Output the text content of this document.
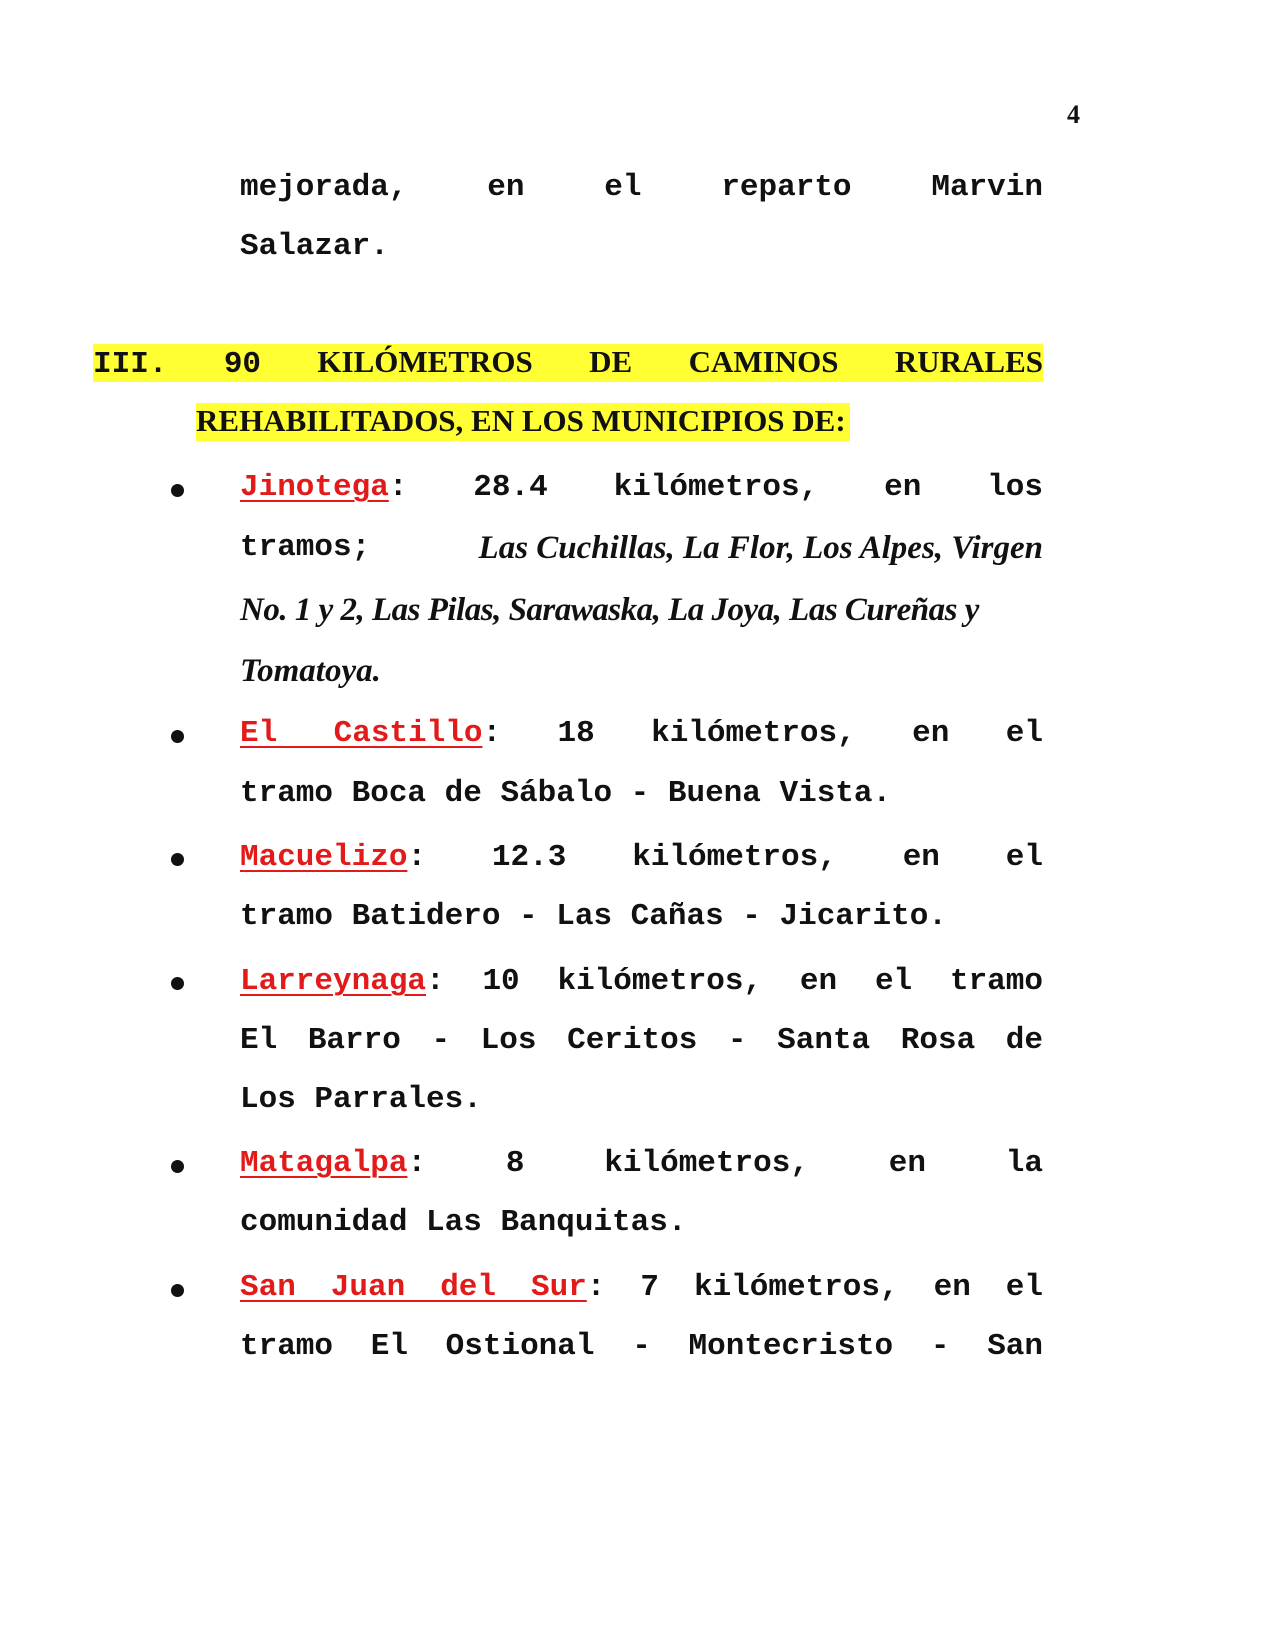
4
mejorada,	en	el	reparto	Marvin
Salazar.
III. 90 KILÓMETROS DE CAMINOS RURALES
REHABILITADOS, EN LOS MUNICIPIOS DE:
Jinotega: 28.4 kilómetros, en los
tramos;	Las Cuchillas, La Flor, Los Alpes, Virgen
No. 1 y 2, Las Pilas, Sarawaska, La Joya, Las Cureñas y
Tomatoya.
El Castillo: 18 kilómetros, en el
tramo Boca de Sábalo - Buena Vista.
Macuelizo: 12.3 kilómetros, en el
tramo Batidero - Las Cañas - Jicarito.
Larreynaga: 10 kilómetros, en el tramo
El Barro - Los Ceritos - Santa Rosa de
Los Parrales.
Matagalpa: 8 kilómetros, en la
comunidad Las Banquitas.
San Juan del Sur: 7 kilómetros, en el
tramo El Ostional - Montecristo - San
